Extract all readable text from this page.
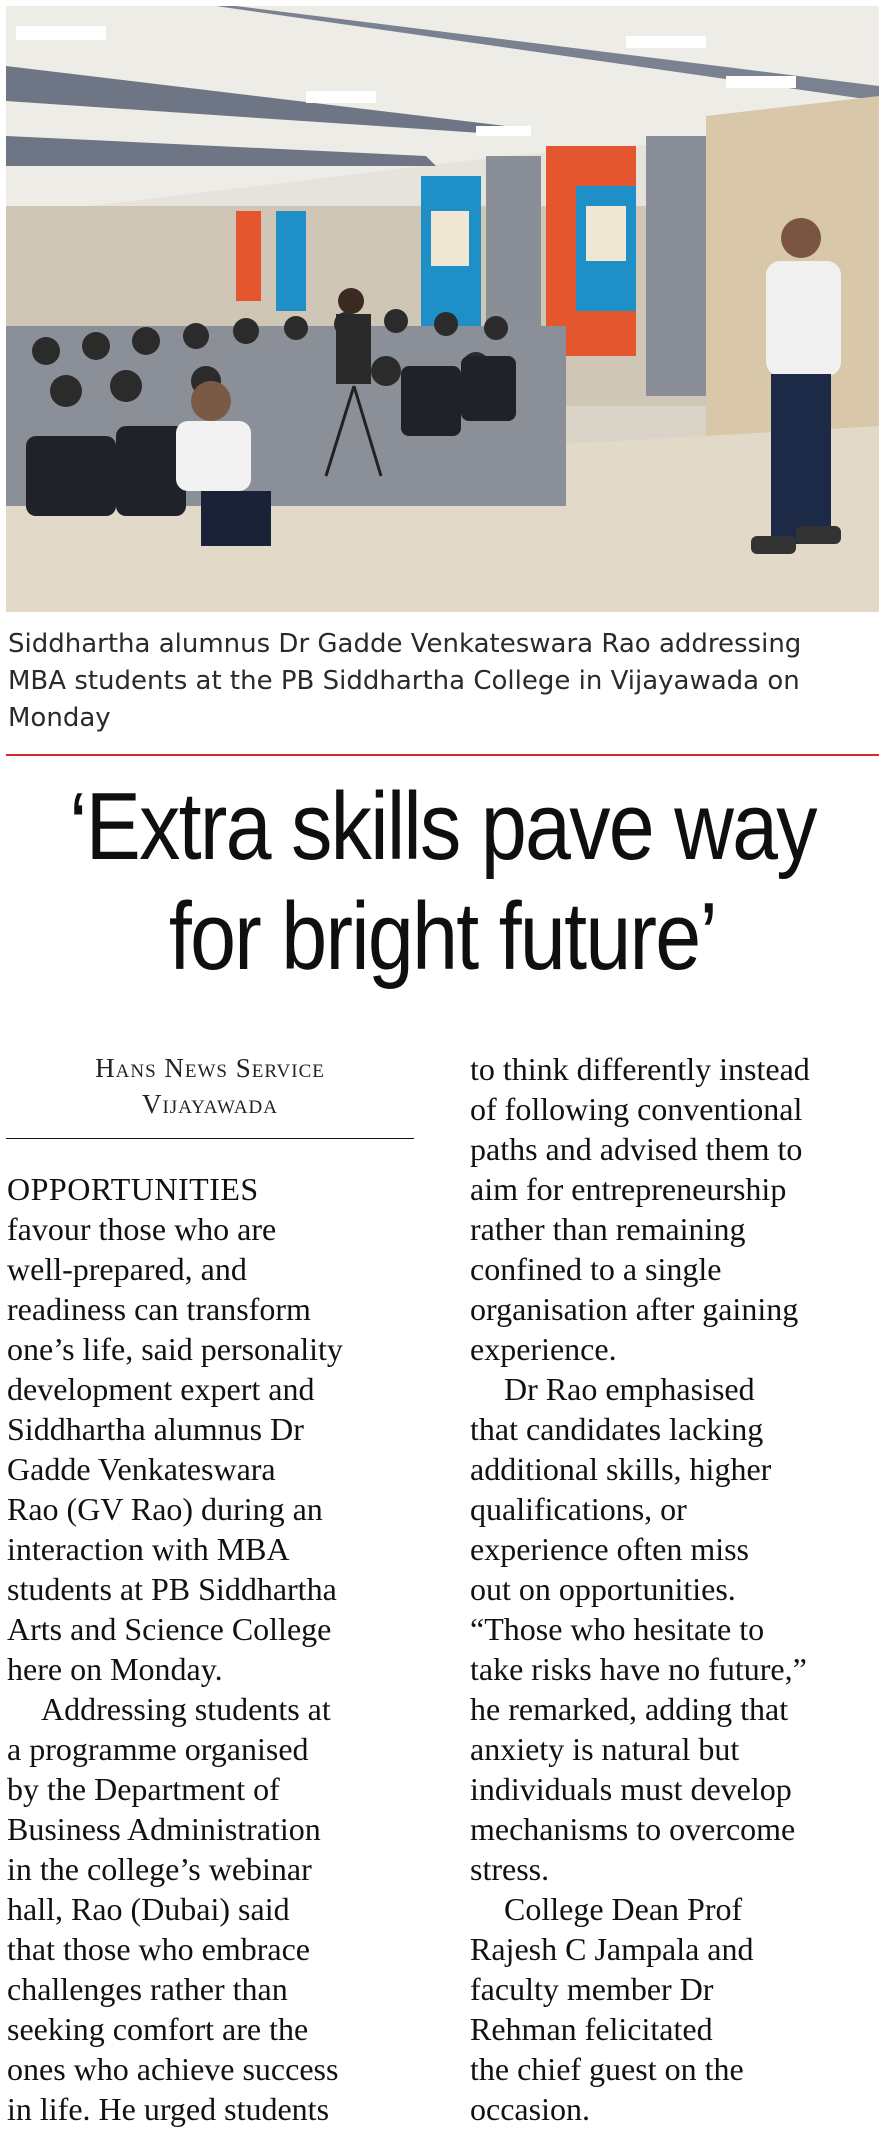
Siddhartha alumnus Dr Gadde Venkateswara Rao addressing
MBA students at the PB Siddhartha College in Vijayawada on
Monday
‘Extra skills pave way
for bright future’
Hans News Service
Vijayawada
OPPORTUNITIES
favour those who are
well-prepared, and
readiness can transform
one’s life, said personality
development expert and
Siddhartha alumnus Dr
Gadde Venkateswara
Rao (GV Rao) during an
interaction with MBA
students at PB Siddhartha
Arts and Science College
here on Monday.
Addressing students at
a programme organised
by the Department of
Business Administration
in the college’s webinar
hall, Rao (Dubai) said
that those who embrace
challenges rather than
seeking comfort are the
ones who achieve success
in life. He urged students
to think differently instead
of following conventional
paths and advised them to
aim for entrepreneurship
rather than remaining
confined to a single
organisation after gaining
experience.
Dr Rao emphasised
that candidates lacking
additional skills, higher
qualifications, or
experience often miss
out on opportunities.
“Those who hesitate to
take risks have no future,”
he remarked, adding that
anxiety is natural but
individuals must develop
mechanisms to overcome
stress.
College Dean Prof
Rajesh C Jampala and
faculty member Dr
Rehman felicitated
the chief guest on the
occasion.
